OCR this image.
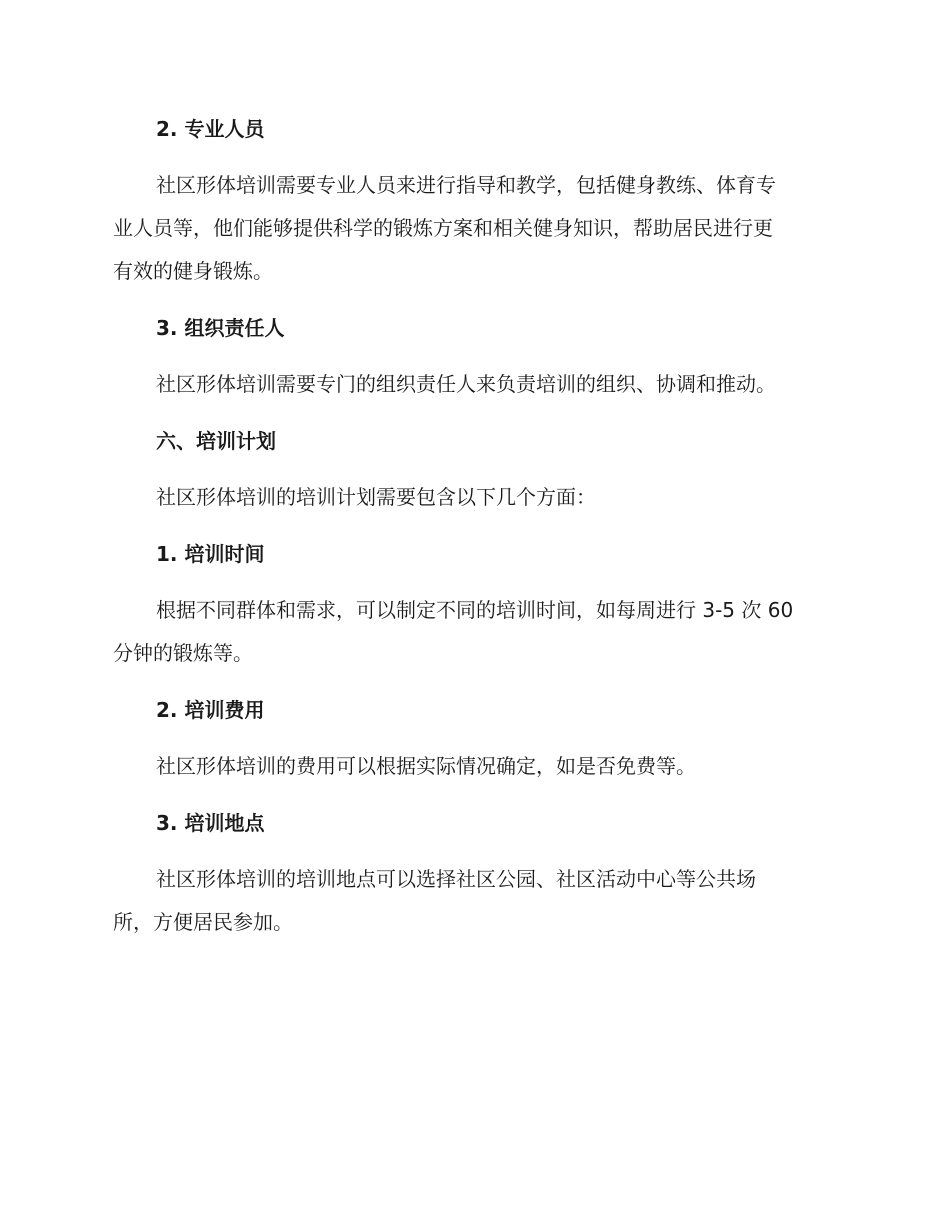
2. 专业人员
社区形体培训需要专业人员来进行指导和教学，包括健身教练、体育专
业人员等，他们能够提供科学的锻炼方案和相关健身知识，帮助居民进行更
有效的健身锻炼。
3. 组织责任人
社区形体培训需要专门的组织责任人来负责培训的组织、协调和推动。
六、培训计划
社区形体培训的培训计划需要包含以下几个方面：
1. 培训时间
根据不同群体和需求，可以制定不同的培训时间，如每周进行 3-5 次 60
分钟的锻炼等。
2. 培训费用
社区形体培训的费用可以根据实际情况确定，如是否免费等。
3. 培训地点
社区形体培训的培训地点可以选择社区公园、社区活动中心等公共场
所，方便居民参加。
